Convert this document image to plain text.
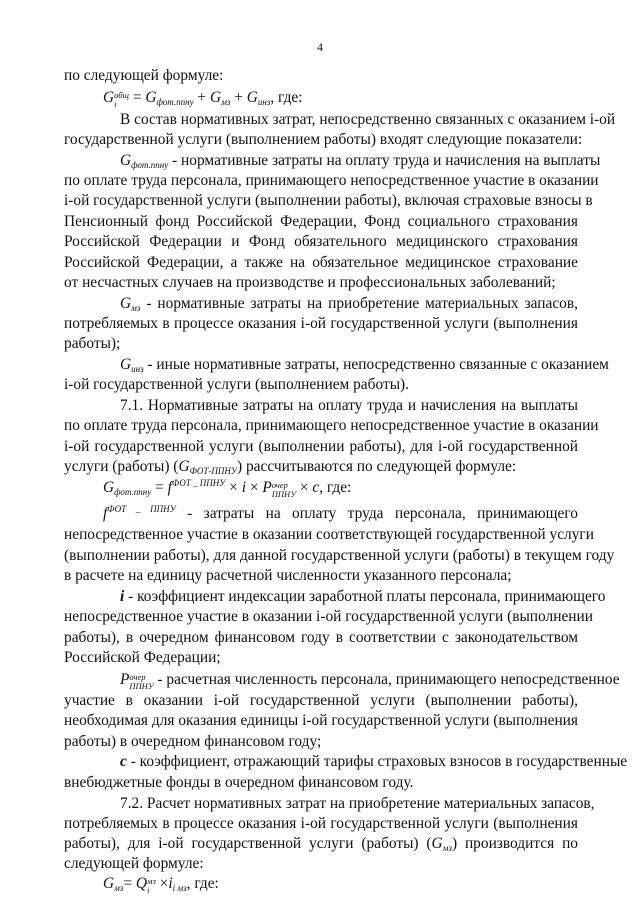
4
по следующей формуле:
G общ
$i = G_{фот.ппну} + G_{мз} + G_{инз}$, где:
В состав нормативных затрат, непосредственно связанных с оказанием i-ой
государственной услуги (выполнением работы) входят следующие показатели:
$G_{фот.ппну}$ - нормативные затраты на оплату труда и начисления на выплаты
по оплате труда персонала, принимающего непосредственное участие в оказании
i-ой государственной услуги (выполнении работы), включая страховые взносы в
Пенсионный фонд Российской Федерации, Фонд социального страхования
Российской Федерации и Фонд обязательного медицинского страхования
Российской Федерации, а также на обязательное медицинское страхование
от несчастных случаев на производстве и профессиональных заболеваний;
$G_{мз}$ - нормативные затраты на приобретение материальных запасов,
потребляемых в процессе оказания i-ой государственной услуги (выполнения
работы);
$G_{инз}$ - иные нормативные затраты, непосредственно связанные с оказанием
i-ой государственной услуги (выполнением работы).
7.1. Нормативные затраты на оплату труда и начисления на выплаты
по оплате труда персонала, принимающего непосредственное участие в оказании
i-ой государственной услуги (выполнении работы), для i-ой государственной
услуги (работы) $(G_{ФОТ-ППНУ})$ рассчитываются по следующей формуле:
$G_{фот.ппну} = f^{ФОТ \_ ППНУ} \times i \times P$ очер
ППНУ × c, где:
$f^{ФОТ \_ ППНУ}$ - затраты на оплату труда персонала, принимающего
непосредственное участие в оказании соответствующей государственной услуги
(выполнении работы), для данной государственной услуги (работы) в текущем году
в расчете на единицу расчетной численности указанного персонала;
i - коэффициент индексации заработной платы персонала, принимающего
непосредственное участие в оказании i-ой государственной услуги (выполнении
работы), в очередном финансовом году в соответствии с законодательством
Российской Федерации;
P очер
ППНУ - расчетная численность персонала, принимающего непосредственное
участие в оказании i-ой государственной услуги (выполнении работы),
необходимая для оказания единицы i-ой государственной услуги (выполнения
работы) в очередном финансовом году;
c - коэффициент, отражающий тарифы страховых взносов в государственные
внебюджетные фонды в очередном финансовом году.
7.2. Расчет нормативных затрат на приобретение материальных запасов,
потребляемых в процессе оказания i-ой государственной услуги (выполнения
работы), для i-ой государственной услуги (работы) $(G_{мз})$ производится по
следующей формуле:
$G_{мз}= Q$ мз
$i \times i_{i мз}$, где:
